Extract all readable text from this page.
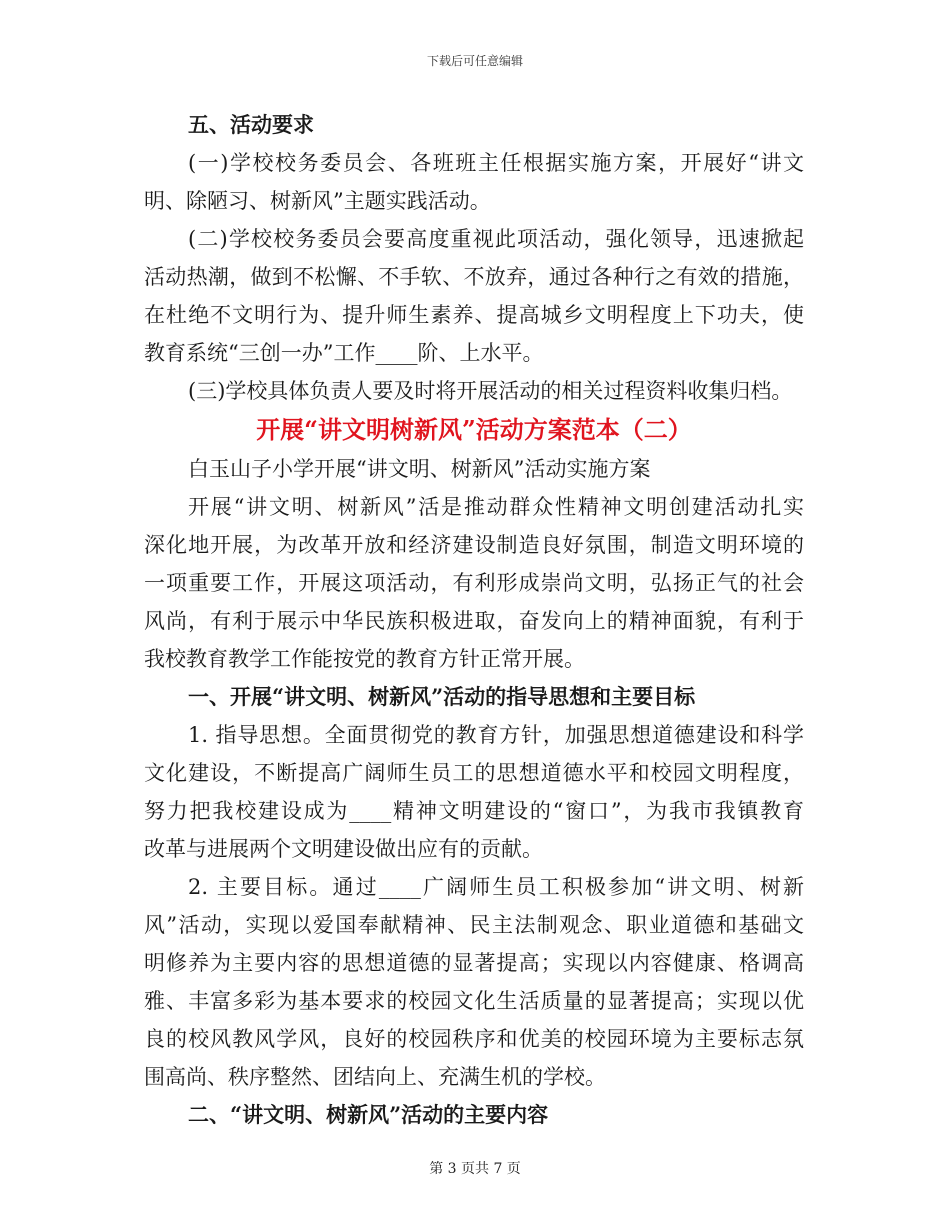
下载后可任意编辑
五、活动要求
(一)学校校务委员会、各班班主任根据实施方案，开展好“讲文
明、除陋习、树新风”主题实践活动。
(二)学校校务委员会要高度重视此项活动，强化领导，迅速掀起
活动热潮，做到不松懈、不手软、不放弃，通过各种行之有效的措施，
在杜绝不文明行为、提升师生素养、提高城乡文明程度上下功夫，使
教育系统“三创一办”工作____阶、上水平。
(三)学校具体负责人要及时将开展活动的相关过程资料收集归档。
开展“讲文明树新风”活动方案范本（二）
白玉山子小学开展“讲文明、树新风”活动实施方案
开展“讲文明、树新风”活是推动群众性精神文明创建活动扎实
深化地开展，为改革开放和经济建设制造良好氛围，制造文明环境的
一项重要工作，开展这项活动，有利形成崇尚文明，弘扬正气的社会
风尚，有利于展示中华民族积极进取，奋发向上的精神面貌，有利于
我校教育教学工作能按党的教育方针正常开展。
一、开展“讲文明、树新风”活动的指导思想和主要目标
1. 指导思想。全面贯彻党的教育方针，加强思想道德建设和科学
文化建设，不断提高广阔师生员工的思想道德水平和校园文明程度，
努力把我校建设成为____精神文明建设的“窗口”，为我市我镇教育
改革与进展两个文明建设做出应有的贡献。
2. 主要目标。通过____广阔师生员工积极参加“讲文明、树新
风”活动，实现以爱国奉献精神、民主法制观念、职业道德和基础文
明修养为主要内容的思想道德的显著提高；实现以内容健康、格调高
雅、丰富多彩为基本要求的校园文化生活质量的显著提高；实现以优
良的校风教风学风，良好的校园秩序和优美的校园环境为主要标志氛
围高尚、秩序整然、团结向上、充满生机的学校。
二、“讲文明、树新风”活动的主要内容
第 3 页共 7 页
